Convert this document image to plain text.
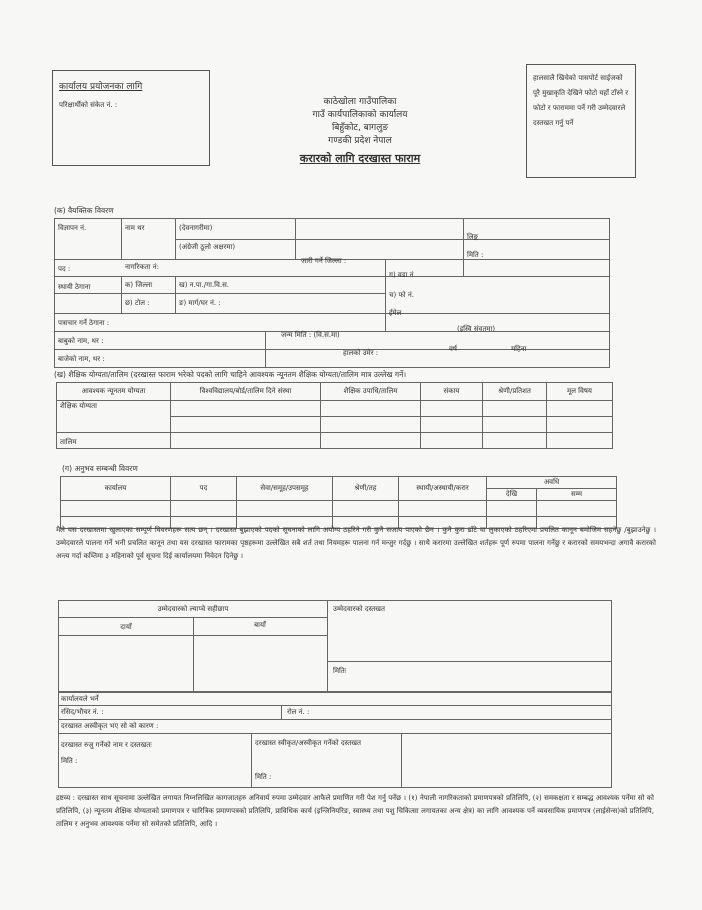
कार्यालय प्रयोजनका लागि
परिक्षार्थीको संकेत नं. :
हालसालै खिचेको पासपोर्ट साईजको पूरै मुखाकृति देखिने फोटो यहाँ टाँस्ने र फोटो र फाराममा पर्ने गरी उम्मेदवारले दस्तखत गर्नु पर्ने
काठेखोला गाउँपालिका
गाउँ कार्यपालिकाको कार्यालय
बिहुँकोट, बागलुङ
गण्डकी प्रदेश नेपाल
करारको लागि दरखास्त फाराम
(क) वैयक्तिक विवरण
विज्ञापन नं.	नाम थर	(देवनागरीमा)
(अंग्रेजी ठूलो अक्षरमा)
लिङ्ग
मिति :
पद :	नागरिकता नं:
जारी गर्ने जिल्ला :
ग) वडा नं
स्थायी ठेगाना	क) जिल्ला	ख) न.पा./गा.वि.स.
छ) टोल :	ङ) मार्ग/घर नं. :
च) फो नं.
ईमेल
पत्राचार गर्ने ठेगाना :
बाबुको नाम, थर :
जन्म मिति : (वि.सं.मा)
(इस्वि संवतमा)
बाजेको नाम, थर :
हालको उमेर :	वर्ष	महिना
(ख) शैक्षिक योग्यता/तालिम (दरखास्त फाराम भरेको पदको लागि चाहिने आवश्यक न्यूनतम शैक्षिक योग्यता/तालिम मात्र उल्लेख गर्ने।
आवश्यक न्यूनतम योग्यता	विश्वविद्यालय/बोर्ड/तालिम दिने संस्था	शैक्षिक उपाधि/तालिम	संकाय	श्रेणी/प्रतिशत	मूल विषय
शैक्षिक योग्यता					

तालिम					
(ग) अनुभव सम्बन्धी विवरण
कार्यालय	पद	सेवा/समूह/उपसमूह	श्रेणी/तह	स्थायी/अस्थायी/करार	अवधि	
					देखि	सम्म

मैले यस दरखास्तमा खुलाएका सम्पूर्ण विवरणहरू सत्य छन् । दरखास्त बुझाएको पदको सूचनाको लागि अयोग्य ठहरिने गरी कुनै सजाय पाएको छैन । कुनै कुरा ढाँटे वा लुकाएको ठहरिएमा प्रचलित कानून बमोजिम सहनेछु /बुझाउनेछु । उम्मेदवारले पालना गर्ने भनी प्रचलित कानून तथा यस दरखास्त फारामका पृष्ठहरूमा उल्लेखित सबै शर्त तथा नियमहरू पालना गर्न मन्जुर गर्दछु । साथै करारमा उल्लेखित शर्तहरू पूर्ण रुपमा पालना गर्नेछु र करारको समयभन्दा अगावै करारको अन्त्य गर्दा कम्तिमा ३ महिनाको पूर्व सूचना दिई कार्यालयमा निवेदन दिनेछु ।
उम्मेदवारको ल्याप्चे सहीछाप
दायाँ	बायाँ
उम्मेदवारको दस्तखत
मितिः
कार्यालयले भर्ने
रसिद/भौचर नं. :	रोल नं. :
दरखास्त अस्वीकृत भए सो को कारण :
दरखास्त रुजु गर्नेको नाम र दस्तखतः
मिति :
दरखास्त स्वीकृत/अस्वीकृत गर्नेको दस्तखत
मिति :
द्रष्टव्य : दरखास्त साथ सूचनामा उल्लेखित लगायत निम्नलिखित कागजातहरु अनिवार्य रुपमा उम्मेदवार आफैले प्रमाणित गरी पेश गर्नु पर्नेछ । (१) नेपाली नागरिकताको प्रमाणपत्रको प्रतिलिपि, (२) समकक्षता र सम्बद्ध आवश्यक पर्नेमा सो को प्रतिलिपि, (३) न्यूनतम शैक्षिक योग्यताको प्रमाणपत्र र चारित्रिक प्रमाणपत्रको प्रतिलिपि, प्राविधिक कार्य (इन्जिनियरिङ, स्वास्थ्य तथा पशु चिकित्सा लगायतका अन्य क्षेत्र) का लागि आवश्यक पर्ने व्यवसायिक प्रमाणपत्र (लाईसेन्स)को प्रतिलिपि, तालिम र अनुभव आवश्यक पर्नेमा सो समेतको प्रतिलिपि, आदि ।
